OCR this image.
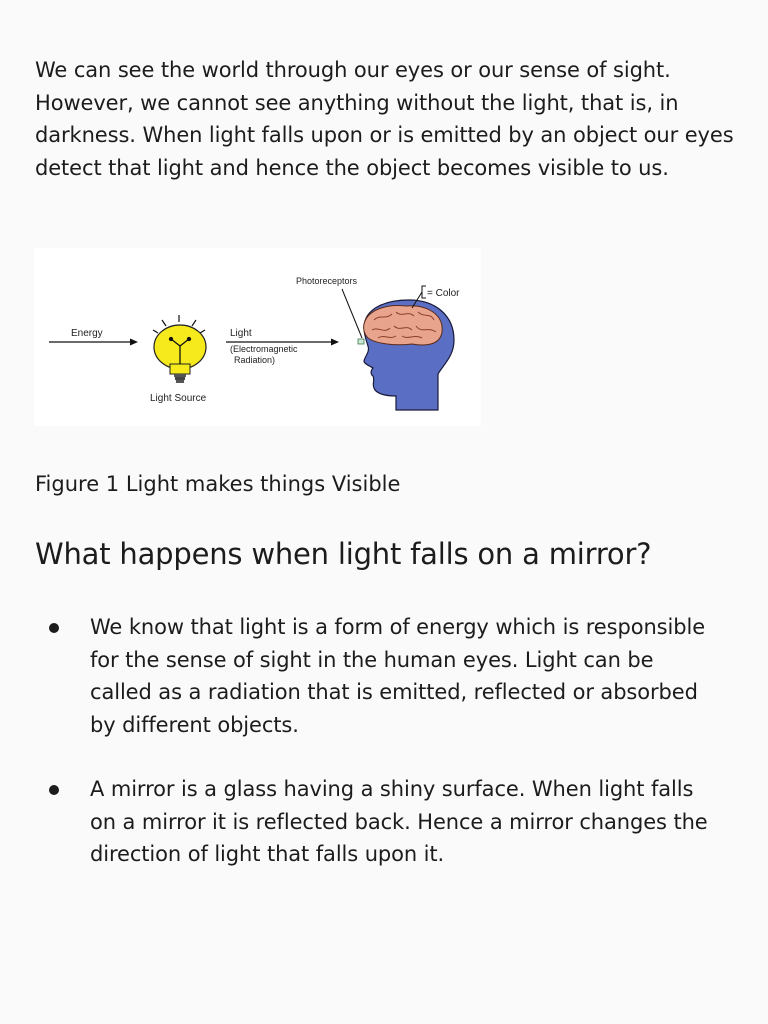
We can see the world through our eyes or our sense of sight. However, we cannot see anything without the light, that is, in darkness. When light falls upon or is emitted by an object our eyes detect that light and hence the object becomes visible to us.

Energy
Light Source
Light
(Electromagnetic
Radiation)
Photoreceptors
= Color

Figure 1 Light makes things Visible

What happens when light falls on a mirror?
We know that light is a form of energy which is responsible for the sense of sight in the human eyes. Light can be called as a radiation that is emitted, reflected or absorbed by different objects.
A mirror is a glass having a shiny surface. When light falls on a mirror it is reflected back. Hence a mirror changes the direction of light that falls upon it.
